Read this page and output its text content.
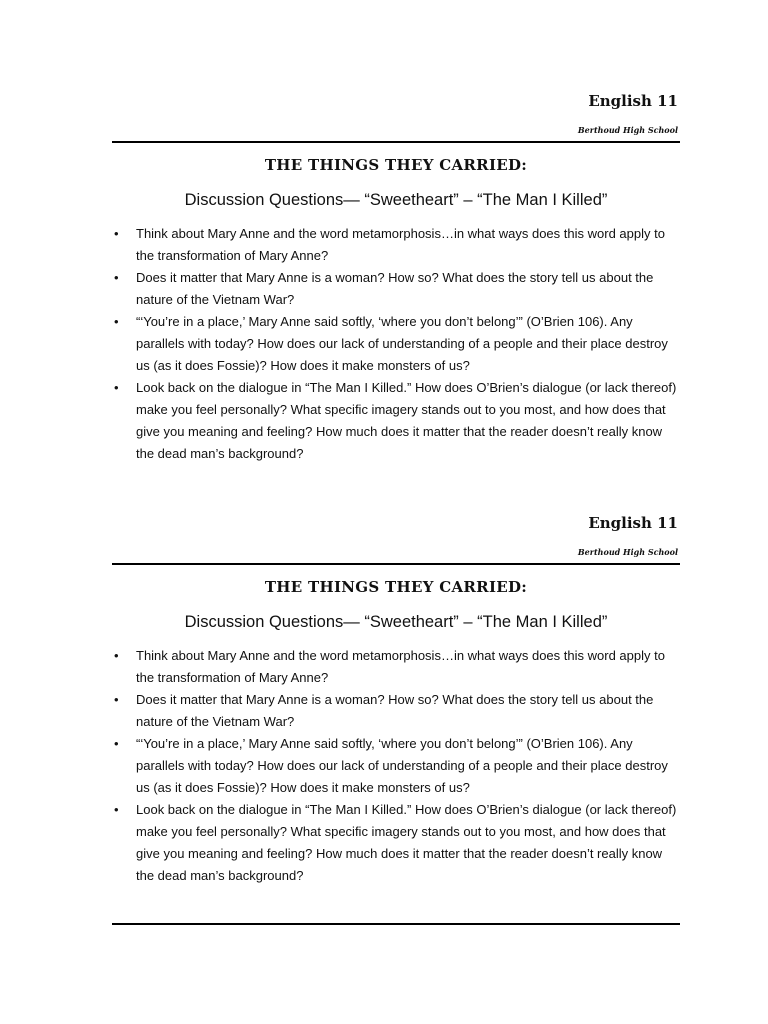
English 11
Berthoud High School
THE THINGS THEY CARRIED:
Discussion Questions— “Sweetheart” – “The Man I Killed”
• Think about Mary Anne and the word metamorphosis…in what ways does this word apply to the transformation of Mary Anne?
• Does it matter that Mary Anne is a woman? How so? What does the story tell us about the nature of the Vietnam War?
• “‘You’re in a place,’ Mary Anne said softly, ‘where you don’t belong’” (O’Brien 106). Any parallels with today? How does our lack of understanding of a people and their place destroy us (as it does Fossie)? How does it make monsters of us?
• Look back on the dialogue in “The Man I Killed.” How does O’Brien’s dialogue (or lack thereof) make you feel personally? What specific imagery stands out to you most, and how does that give you meaning and feeling? How much does it matter that the reader doesn’t really know the dead man’s background?
English 11
Berthoud High School
THE THINGS THEY CARRIED:
Discussion Questions— “Sweetheart” – “The Man I Killed”
• Think about Mary Anne and the word metamorphosis…in what ways does this word apply to the transformation of Mary Anne?
• Does it matter that Mary Anne is a woman? How so? What does the story tell us about the nature of the Vietnam War?
• “‘You’re in a place,’ Mary Anne said softly, ‘where you don’t belong’” (O’Brien 106). Any parallels with today? How does our lack of understanding of a people and their place destroy us (as it does Fossie)? How does it make monsters of us?
• Look back on the dialogue in “The Man I Killed.” How does O’Brien’s dialogue (or lack thereof) make you feel personally? What specific imagery stands out to you most, and how does that give you meaning and feeling? How much does it matter that the reader doesn’t really know the dead man’s background?
